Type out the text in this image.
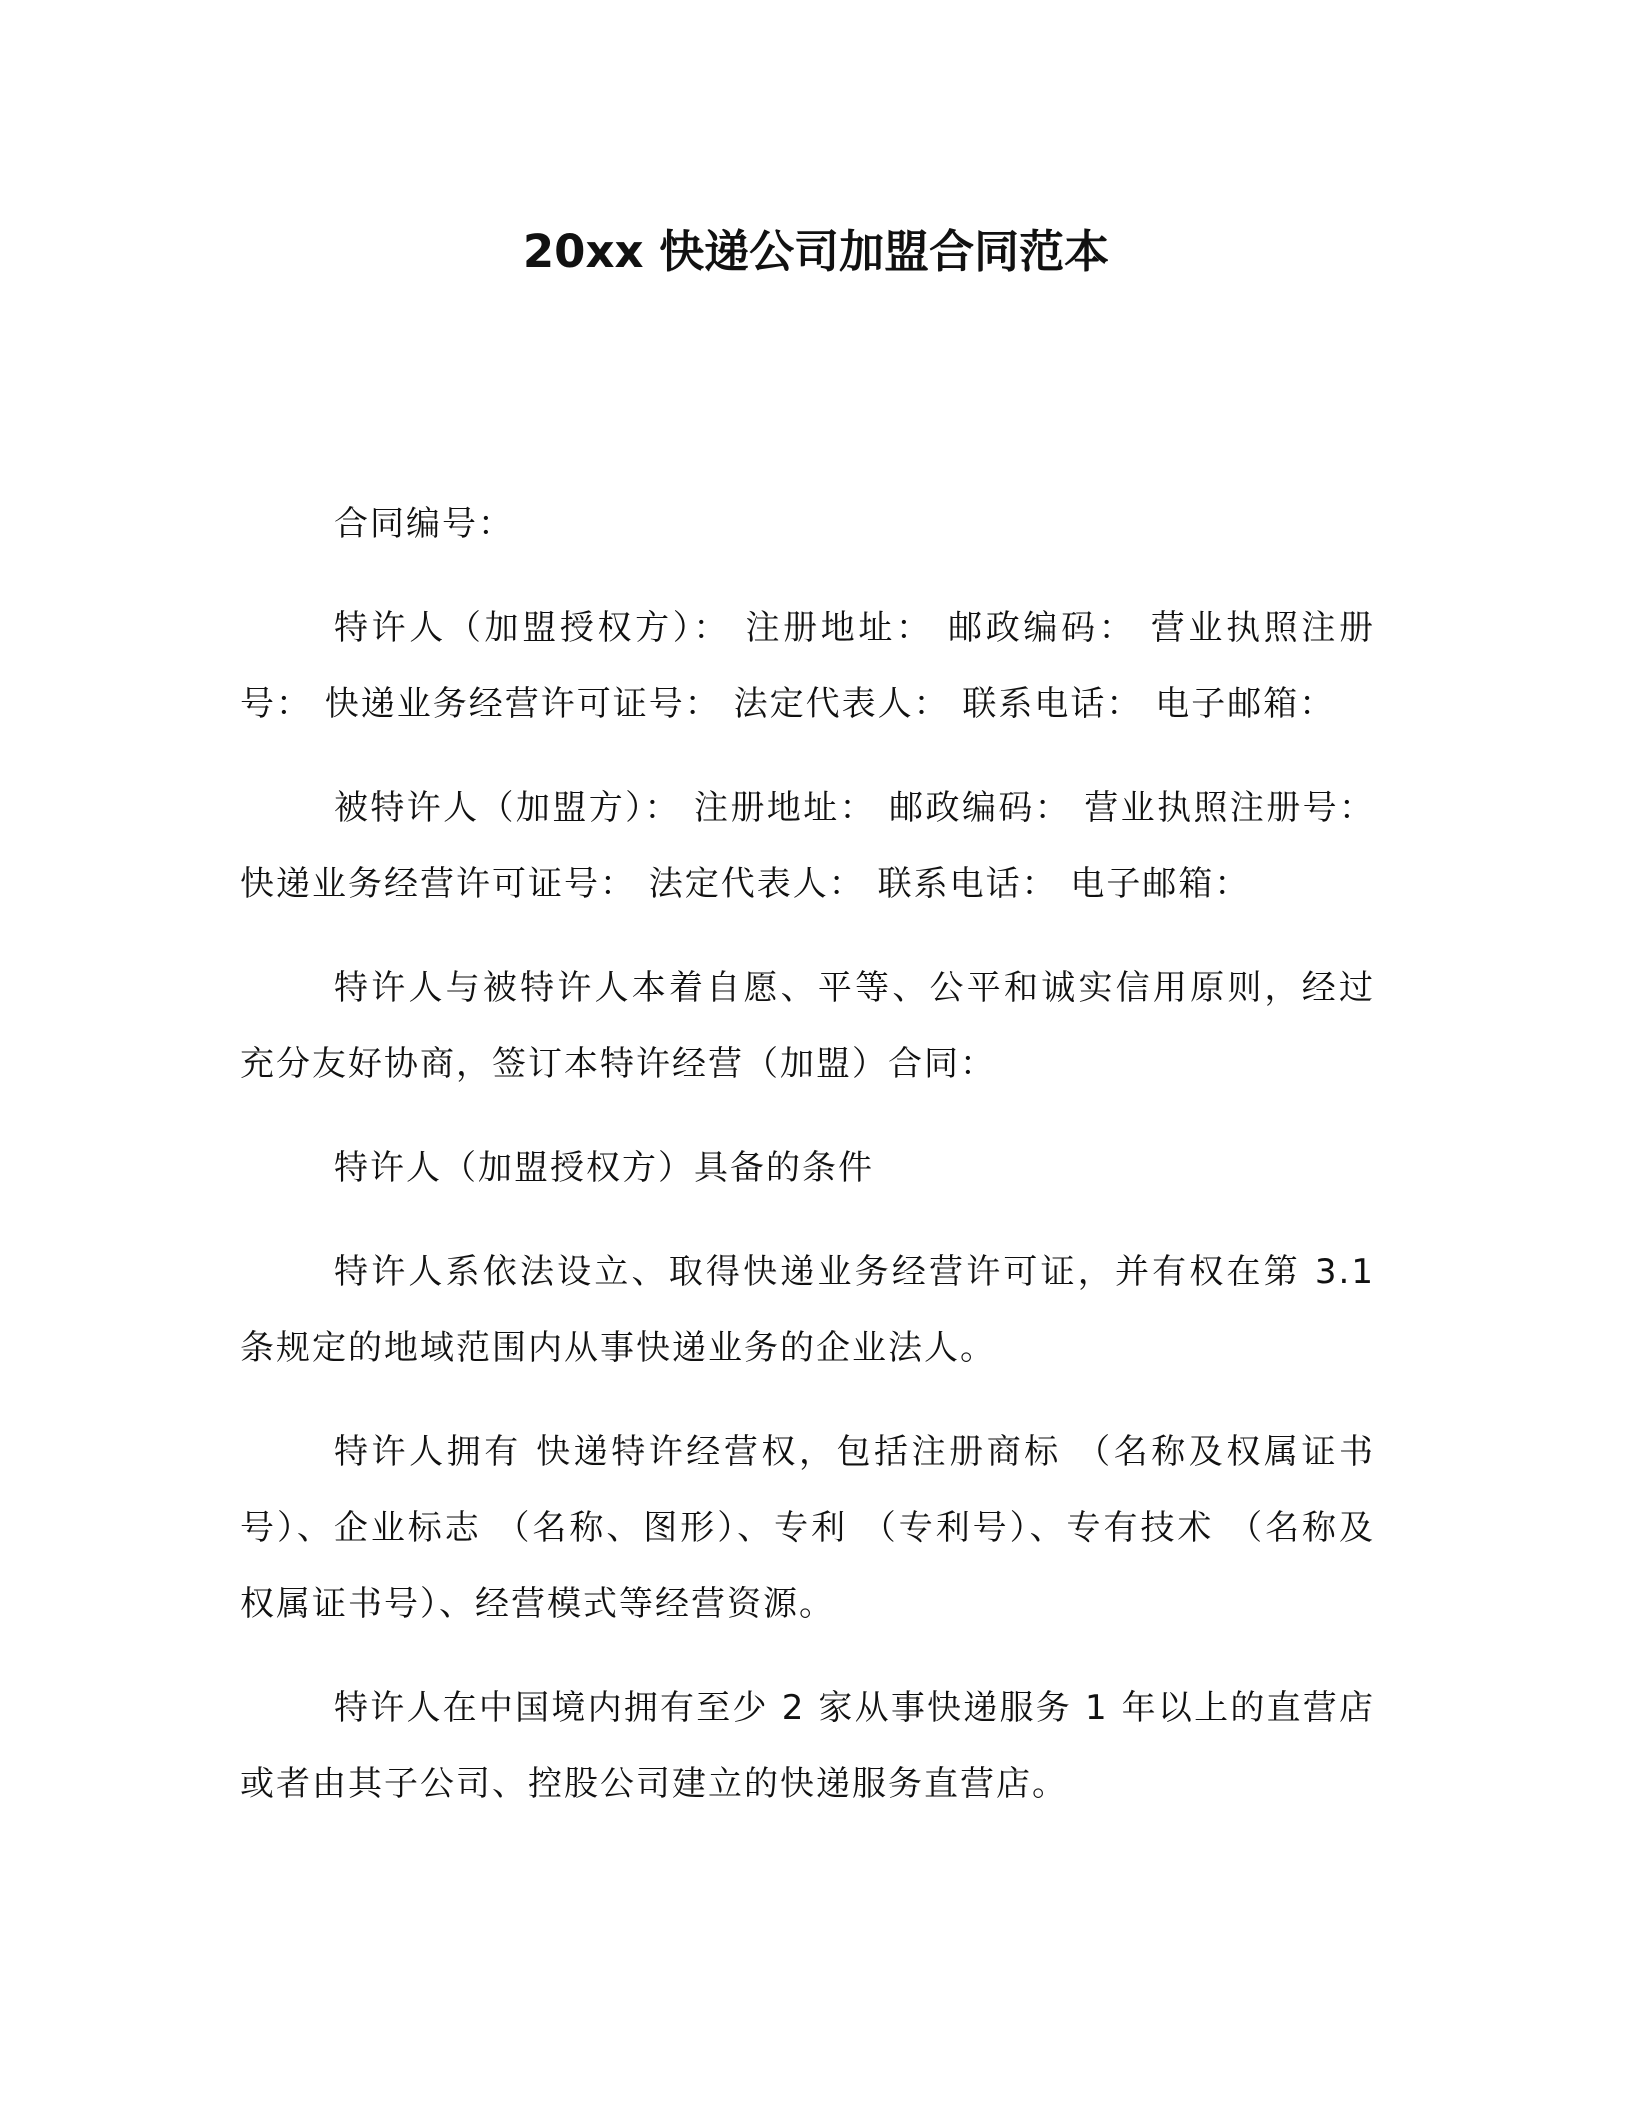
20xx 快递公司加盟合同范本

合同编号：

特许人（加盟授权方）： 注册地址： 邮政编码： 营业执照注册号： 快递业务经营许可证号： 法定代表人： 联系电话： 电子邮箱：

被特许人（加盟方）： 注册地址： 邮政编码： 营业执照注册号：快递业务经营许可证号： 法定代表人： 联系电话： 电子邮箱：

特许人与被特许人本着自愿、平等、公平和诚实信用原则，经过充分友好协商，签订本特许经营（加盟）合同：

特许人（加盟授权方）具备的条件

特许人系依法设立、取得快递业务经营许可证，并有权在第 3.1 条规定的地域范围内从事快递业务的企业法人。

特许人拥有 快递特许经营权，包括注册商标 （名称及权属证书号）、企业标志 （名称、图形）、专利 （专利号）、专有技术 （名称及权属证书号）、经营模式等经营资源。

特许人在中国境内拥有至少 2 家从事快递服务 1 年以上的直营店或者由其子公司、控股公司建立的快递服务直营店。
